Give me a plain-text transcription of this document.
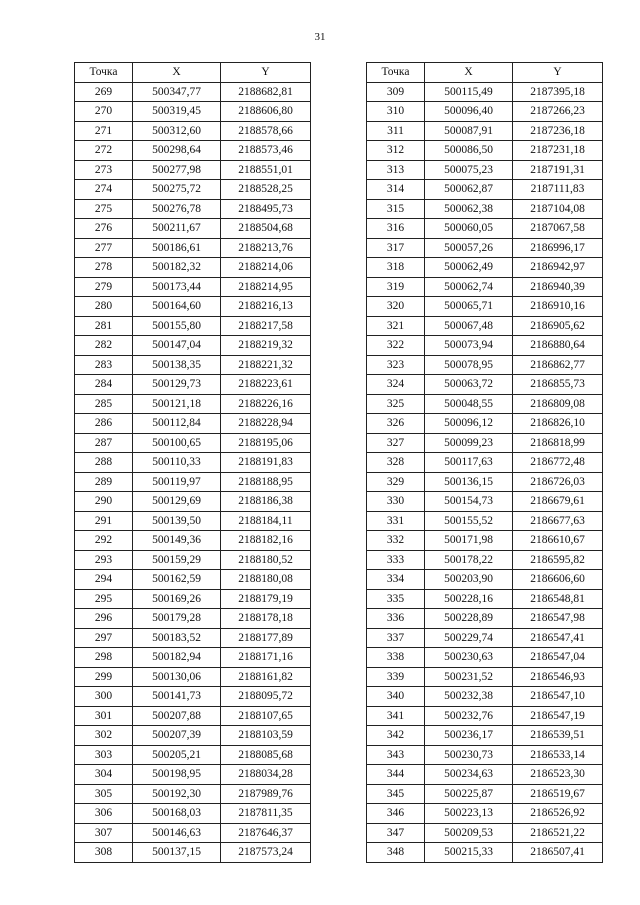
31
Точка	X	Y
269	500347,77	2188682,81
270	500319,45	2188606,80
271	500312,60	2188578,66
272	500298,64	2188573,46
273	500277,98	2188551,01
274	500275,72	2188528,25
275	500276,78	2188495,73
276	500211,67	2188504,68
277	500186,61	2188213,76
278	500182,32	2188214,06
279	500173,44	2188214,95
280	500164,60	2188216,13
281	500155,80	2188217,58
282	500147,04	2188219,32
283	500138,35	2188221,32
284	500129,73	2188223,61
285	500121,18	2188226,16
286	500112,84	2188228,94
287	500100,65	2188195,06
288	500110,33	2188191,83
289	500119,97	2188188,95
290	500129,69	2188186,38
291	500139,50	2188184,11
292	500149,36	2188182,16
293	500159,29	2188180,52
294	500162,59	2188180,08
295	500169,26	2188179,19
296	500179,28	2188178,18
297	500183,52	2188177,89
298	500182,94	2188171,16
299	500130,06	2188161,82
300	500141,73	2188095,72
301	500207,88	2188107,65
302	500207,39	2188103,59
303	500205,21	2188085,68
304	500198,95	2188034,28
305	500192,30	2187989,76
306	500168,03	2187811,35
307	500146,63	2187646,37
308	500137,15	2187573,24
Точка	X	Y
309	500115,49	2187395,18
310	500096,40	2187266,23
311	500087,91	2187236,18
312	500086,50	2187231,18
313	500075,23	2187191,31
314	500062,87	2187111,83
315	500062,38	2187104,08
316	500060,05	2187067,58
317	500057,26	2186996,17
318	500062,49	2186942,97
319	500062,74	2186940,39
320	500065,71	2186910,16
321	500067,48	2186905,62
322	500073,94	2186880,64
323	500078,95	2186862,77
324	500063,72	2186855,73
325	500048,55	2186809,08
326	500096,12	2186826,10
327	500099,23	2186818,99
328	500117,63	2186772,48
329	500136,15	2186726,03
330	500154,73	2186679,61
331	500155,52	2186677,63
332	500171,98	2186610,67
333	500178,22	2186595,82
334	500203,90	2186606,60
335	500228,16	2186548,81
336	500228,89	2186547,98
337	500229,74	2186547,41
338	500230,63	2186547,04
339	500231,52	2186546,93
340	500232,38	2186547,10
341	500232,76	2186547,19
342	500236,17	2186539,51
343	500230,73	2186533,14
344	500234,63	2186523,30
345	500225,87	2186519,67
346	500223,13	2186526,92
347	500209,53	2186521,22
348	500215,33	2186507,41
